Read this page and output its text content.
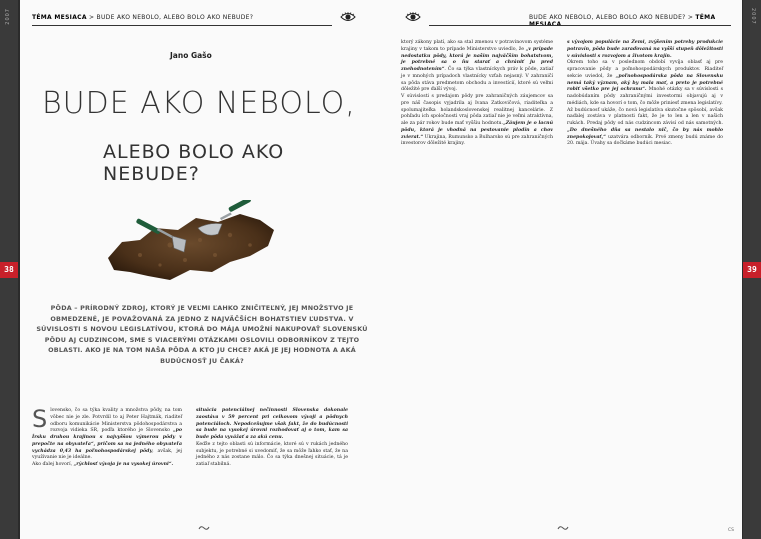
2007
38
TÉMA MESIACA > BUDE AKO NEBOLO, ALEBO BOLO AKO NEBUDE?
Jano Gašo
BUDE AKO NEBOLO,
ALEBO BOLO AKO NEBUDE?
PÔDA – PRÍRODNÝ ZDROJ, KTORÝ JE VEĽMI ĽAHKO ZNIČITEĽNÝ, JEJ MNOŽSTVO JE OBMEDZENÉ, JE POVAŽOVANÁ ZA JEDNO Z NAJVÄČŠÍCH BOHATSTIEV ĽUDSTVA. V SÚVISLOSTI S NOVOU LEGISLATÍVOU, KTORÁ DO MÁJA UMOŽNÍ NAKUPOVAŤ SLOVENSKÚ PÔDU AJ CUDZINCOM, SME S VIACERÝMI OTÁZKAMI OSLOVILI ODBORNÍKOV Z TEJTO OBLASTI. AKO JE NA TOM NAŠA PÔDA A KTO JU CHCE? AKÁ JE JEJ HODNOTA A AKÁ BUDÚCNOSŤ JU ČAKÁ?

S lovensko, čo sa týka kvality a množstva pôdy, na tom vôbec nie je zle. Potvrdil to aj Peter Hajtmák, riaditeľ odboru komunikácie Ministerstva pôdohospodárstva a rozvoja vidieka SR, podľa ktorého je Slovensko „po Írsku druhou krajinou s najvyššou výmerou pôdy v prepočte na obyvateľa“, pričom sa na jedného obyvateľa vychádza 0,43 ha poľnohospodárskej pôdy, avšak, jej využívanie nie je ideálne.

Ako ďalej hovorí, „rýchlosť vývoja je na vysokej úrovni“.

situácia potenciálnej nečinnosti Slovenska dokonale zaostáva v 59 percent pri celkovom vývoji a pôdnych potenciáloch. Nepodceňujme však fakt, že do budúcnosti sa bude na vysokej úrovni rozhodovať aj o tom, kam sa bude pôda vyvážať a za akú cenu.

Keďže z tejto oblasti sú informácie, ktoré sú v rukách jedného subjektu, je potrebné si uvedomiť, že sa môže ľahko stať, že na jedného z nás zostane málo. Čo sa týka dnešnej situácie, tá je zatiaľ stabilná.

BUDE AKO NEBOLO, ALEBO BOLO AKO NEBUDE? > TÉMA

ktorý zákony platí, ako sa stal zmenou v potravinovom systéme krajiny v takom to prípade Ministerstvo uviedlo, že „v prípade nedostatku pôdy, ktorá je naším najväčším bohatstvom, je potrebné sa o ňu starať a chrániť ju pred znehodnotením“. Čo sa týka vlastníckych práv k pôde, zatiaľ je v mnohých prípadoch vlastnícky vzťah nejasný. V zahraničí sa pôda stáva predmetom obchodu a investícií, ktoré sú veľmi dôležité pre ďalší vývoj.

V súvislosti s predajom pôdy pre zahraničných záujemcov sa pre náš časopis vyjadrila aj Ivana Zatkovičová, riaditeľka a spolumajiteľka holandskoslovenskej realitnej kancelárie. Z pohľadu ich spoločnosti vraj pôda zatiaľ nie je veľmi atraktívna, ale za pár rokov bude mať vyššiu hodnotu.„Záujem je o lacnú pôdu, ktorá je vhodná na pestovanie plodín a chov zvierat.“ Ukrajina, Rumunsko a Bulharsko sú pre zahraničných investorov dôležité krajiny.

s vývojom populácie na Zemi, zvýšením potreby produkcie potravín, pôda bude zaraďovaná na vyšší stupeň dôležitosti v súvislosti s rozvojom a životom krajín.

Okrem toho sa v poslednom období vyvíja oblasť aj pre spracovanie pôdy a poľnohospodárskych produktov. Riaditeľ sekcie uviedol, že „poľnohospodárska pôda na Slovensku nemá taký význam, aký by mala mať, a preto je potrebné robiť všetko pre jej ochranu“. Mnohé otázky sa v súvislosti s nadobúdaním pôdy zahraničnými investormi objavujú aj v médiách, kde sa hovorí o tom, čo môže priniesť zmena legislatívy.

Až budúcnosť ukáže, čo nová legislatíva skutočne spôsobí, avšak naďalej zostáva v platnosti fakt, že je to len a len v našich rukách. Predaj pôdy od nás cudzincom závisí od nás samotných.„Do dnešného dňa sa nestalo nič, čo by nás mohlo znepokojovať,“ uzatvára odborník. Prvé zmeny budú známe do 20. mája. Úvahy sa dočkáme budúci mesiac.

CS
2007
39
